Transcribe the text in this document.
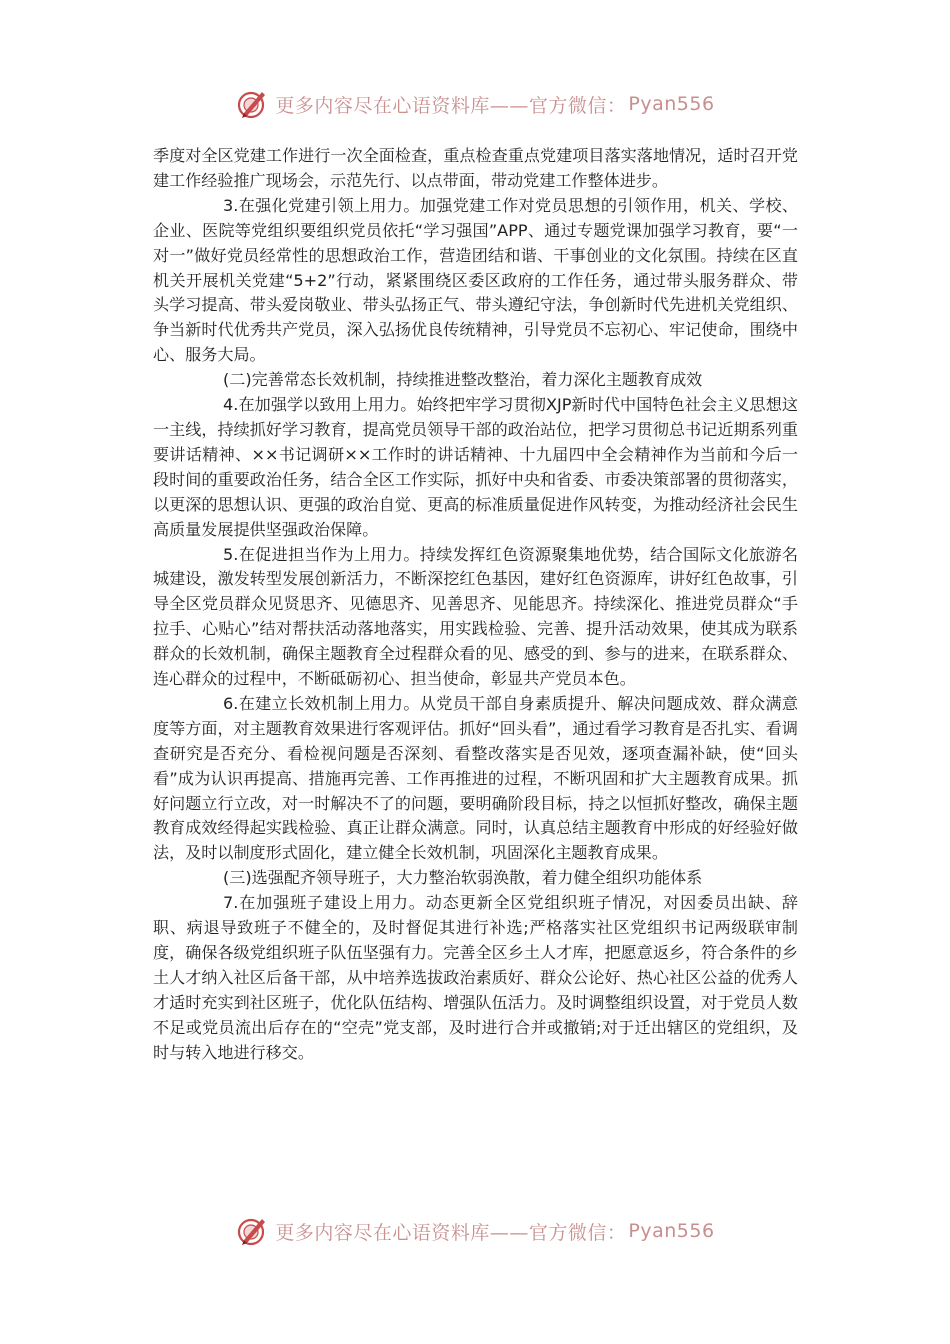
更多内容尽在心语资料库——官方微信： Pyan556

季度对全区党建工作进行一次全面检查，重点检查重点党建项目落实落地情况，适时召开党建工作经验推广现场会，示范先行、以点带面，带动党建工作整体进步。

3.在强化党建引领上用力。加强党建工作对党员思想的引领作用，机关、学校、企业、医院等党组织要组织党员依托“学习强国”APP、通过专题党课加强学习教育，要“一对一”做好党员经常性的思想政治工作，营造团结和谐、干事创业的文化氛围。持续在区直机关开展机关党建“5+2”行动，紧紧围绕区委区政府的工作任务，通过带头服务群众、带头学习提高、带头爱岗敬业、带头弘扬正气、带头遵纪守法，争创新时代先进机关党组织、争当新时代优秀共产党员，深入弘扬优良传统精神，引导党员不忘初心、牢记使命，围绕中心、服务大局。

(二)完善常态长效机制，持续推进整改整治，着力深化主题教育成效

4.在加强学以致用上用力。始终把牢学习贯彻XJP新时代中国特色社会主义思想这一主线，持续抓好学习教育，提高党员领导干部的政治站位，把学习贯彻总书记近期系列重要讲话精神、××书记调研××工作时的讲话精神、十九届四中全会精神作为当前和今后一段时间的重要政治任务，结合全区工作实际，抓好中央和省委、市委决策部署的贯彻落实，以更深的思想认识、更强的政治自觉、更高的标准质量促进作风转变，为推动经济社会民生高质量发展提供坚强政治保障。

5.在促进担当作为上用力。持续发挥红色资源聚集地优势，结合国际文化旅游名城建设，激发转型发展创新活力，不断深挖红色基因，建好红色资源库，讲好红色故事，引导全区党员群众见贤思齐、见德思齐、见善思齐、见能思齐。持续深化、推进党员群众“手拉手、心贴心”结对帮扶活动落地落实，用实践检验、完善、提升活动效果，使其成为联系群众的长效机制，确保主题教育全过程群众看的见、感受的到、参与的进来，在联系群众、连心群众的过程中，不断砥砺初心、担当使命，彰显共产党员本色。

6.在建立长效机制上用力。从党员干部自身素质提升、解决问题成效、群众满意度等方面，对主题教育效果进行客观评估。抓好“回头看”，通过看学习教育是否扎实、看调查研究是否充分、看检视问题是否深刻、看整改落实是否见效，逐项查漏补缺，使“回头看”成为认识再提高、措施再完善、工作再推进的过程，不断巩固和扩大主题教育成果。抓好问题立行立改，对一时解决不了的问题，要明确阶段目标，持之以恒抓好整改，确保主题教育成效经得起实践检验、真正让群众满意。同时，认真总结主题教育中形成的好经验好做法，及时以制度形式固化，建立健全长效机制，巩固深化主题教育成果。

(三)选强配齐领导班子，大力整治软弱涣散，着力健全组织功能体系

7.在加强班子建设上用力。动态更新全区党组织班子情况，对因委员出缺、辞职、病退导致班子不健全的，及时督促其进行补选;严格落实社区党组织书记两级联审制度，确保各级党组织班子队伍坚强有力。完善全区乡土人才库，把愿意返乡，符合条件的乡土人才纳入社区后备干部，从中培养选拔政治素质好、群众公论好、热心社区公益的优秀人才适时充实到社区班子，优化队伍结构、增强队伍活力。及时调整组织设置，对于党员人数不足或党员流出后存在的“空壳”党支部，及时进行合并或撤销;对于迁出辖区的党组织，及时与转入地进行移交。

更多内容尽在心语资料库——官方微信： Pyan556
